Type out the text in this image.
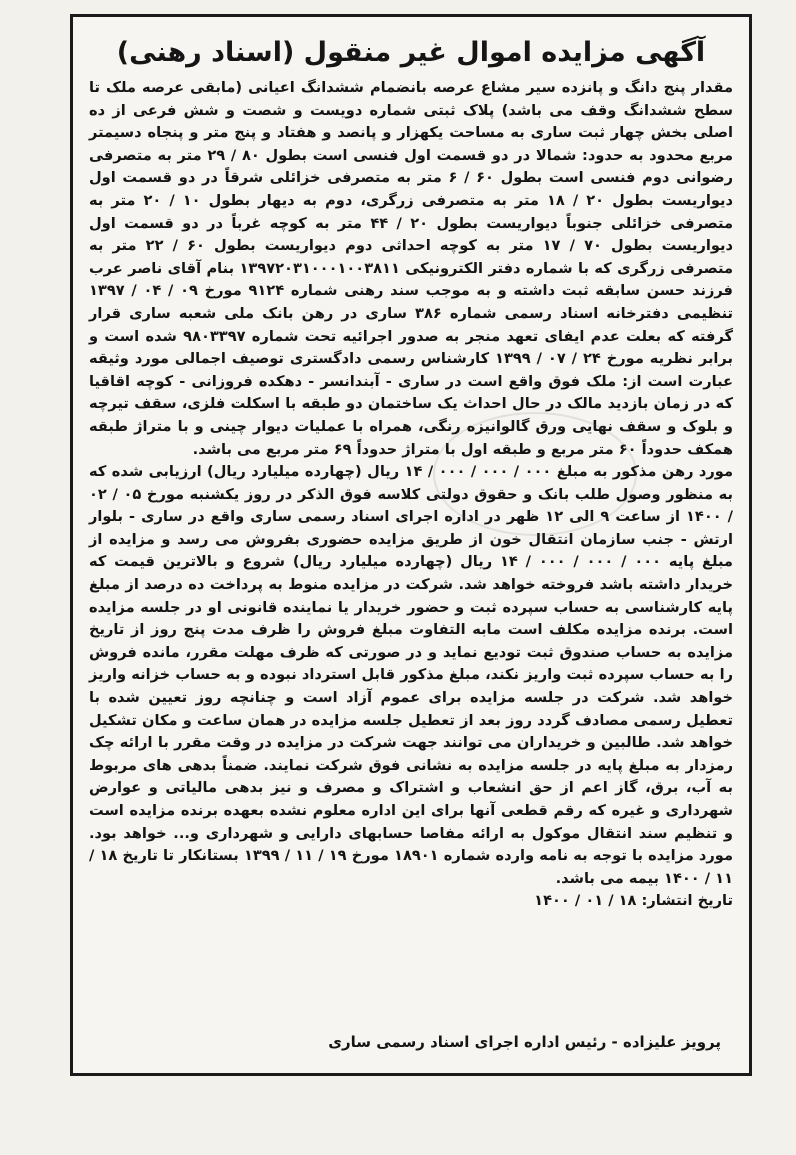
آگهی مزایده اموال غیر منقول (اسناد رهنی)

مقدار پنج دانگ و پانزده سیر مشاع عرصه بانضمام ششدانگ اعیانی (مابقی عرصه ملک تا سطح ششدانگ وقف می باشد) پلاک ثبتی شماره دویست و شصت و شش فرعی از ده اصلی بخش چهار ثبت ساری به مساحت یکهزار و پانصد و هفتاد و پنج متر و پنجاه دسیمتر مربع محدود به حدود: شمالا در دو قسمت اول فنسی است بطول ۸۰ / ۲۹ متر به متصرفی رضوانی دوم فنسی است بطول ۶۰ / ۶ متر به متصرفی خزائلی شرقاً در دو قسمت اول دیواریست بطول ۲۰ / ۱۸ متر به متصرفی زرگری، دوم به دیهار بطول ۱۰ / ۲۰ متر به متصرفی خزائلی جنوباً دیواریست بطول ۲۰ / ۴۴ متر به کوچه غرباً در دو قسمت اول دیواریست بطول ۷۰ / ۱۷ متر به کوچه احداثی دوم دیواریست بطول ۶۰ / ۲۲ متر به متصرفی زرگری که با شماره دفتر الکترونیکی ۱۳۹۷۲۰۳۱۰۰۰۱۰۰۳۸۱۱ بنام آقای ناصر عرب فرزند حسن سابقه ثبت داشته و به موجب سند رهنی شماره ۹۱۲۴ مورخ ۰۹ / ۰۴ / ۱۳۹۷ تنظیمی دفترخانه اسناد رسمی شماره ۳۸۶ ساری در رهن بانک ملی شعبه ساری قرار گرفته که بعلت عدم ایفای تعهد منجر به صدور اجرائیه تحت شماره ۹۸۰۳۳۹۷ شده است و برابر نظریه مورخ ۲۴ / ۰۷ / ۱۳۹۹ کارشناس رسمی دادگستری توصیف اجمالی مورد وثیقه عبارت است از: ملک فوق واقع است در ساری - آبندانسر - دهکده فروزانی - کوچه اقاقیا که در زمان بازدید مالک در حال احداث یک ساختمان دو طبقه با اسکلت فلزی، سقف تیرچه و بلوک و سقف نهایی ورق گالوانیزه رنگی، همراه با عملیات دیوار چینی و با متراژ طبقه همکف حدوداً ۶۰ متر مربع و طبقه اول با متراژ حدوداً ۶۹ متر مربع می باشد.

مورد رهن مذکور به مبلغ ۰۰۰ / ۰۰۰ / ۰۰۰ / ۱۴ ریال (چهارده میلیارد ریال) ارزیابی شده که به منظور وصول طلب بانک و حقوق دولتی کلاسه فوق الذکر در روز یکشنبه مورخ ۰۵ / ۰۲ / ۱۴۰۰ از ساعت ۹ الی ۱۲ ظهر در اداره اجرای اسناد رسمی ساری واقع در ساری - بلوار ارتش - جنب سازمان انتقال خون از طریق مزایده حضوری بفروش می رسد و مزایده از مبلغ پایه ۰۰۰ / ۰۰۰ / ۰۰۰ / ۱۴ ریال (چهارده میلیارد ریال) شروع و بالاترین قیمت که خریدار داشته باشد فروخته خواهد شد. شرکت در مزایده منوط به پرداخت ده درصد از مبلغ پایه کارشناسی به حساب سپرده ثبت و حضور خریدار یا نماینده قانونی او در جلسه مزایده است. برنده مزایده مکلف است مابه التفاوت مبلغ فروش را ظرف مدت پنج روز از تاریخ مزایده به حساب صندوق ثبت تودیع نماید و در صورتی که ظرف مهلت مقرر، مانده فروش را به حساب سپرده ثبت واریز نکند، مبلغ مذکور قابل استرداد نبوده و به حساب خزانه واریز خواهد شد. شرکت در جلسه مزایده برای عموم آزاد است و چنانچه روز تعیین شده با تعطیل رسمی مصادف گردد روز بعد از تعطیل جلسه مزایده در همان ساعت و مکان تشکیل خواهد شد. طالبین و خریداران می توانند جهت شرکت در مزایده در وقت مقرر با ارائه چک رمزدار به مبلغ پایه در جلسه مزایده به نشانی فوق شرکت نمایند. ضمناً بدهی های مربوط به آب، برق، گاز اعم از حق انشعاب و اشتراک و مصرف و نیز بدهی مالیاتی و عوارض شهرداری و غیره که رقم قطعی آنها برای این اداره معلوم نشده بعهده برنده مزایده است و تنظیم سند انتقال موکول به ارائه مفاصا حسابهای دارایی و شهرداری و... خواهد بود. مورد مزایده با توجه به نامه وارده شماره ۱۸۹۰۱ مورخ ۱۹ / ۱۱ / ۱۳۹۹ بستانکار تا تاریخ ۱۸ / ۱۱ / ۱۴۰۰ بیمه می باشد.

تاریخ انتشار: ۱۸ / ۰۱ / ۱۴۰۰

پرویز علیزاده - رئیس اداره اجرای اسناد رسمی ساری
